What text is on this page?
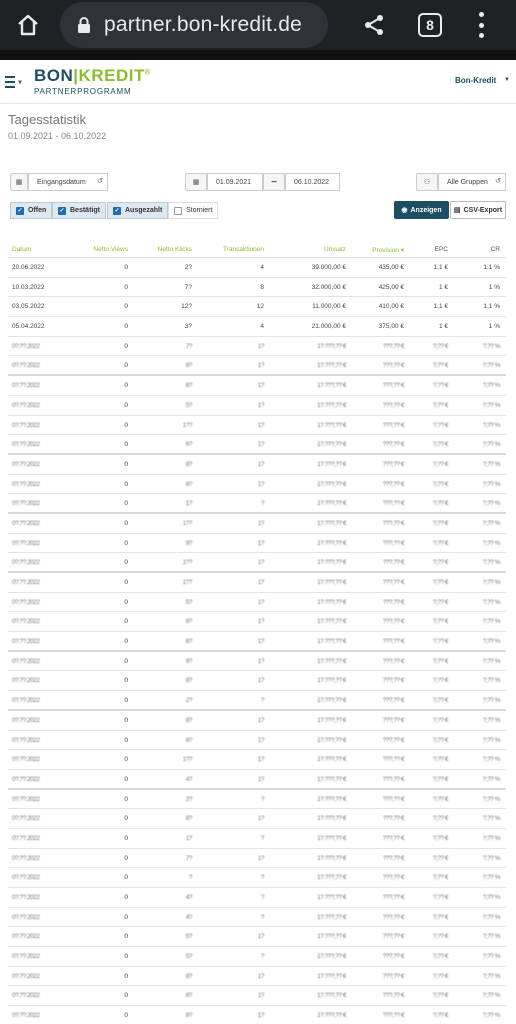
partner.bon-kredit.de	8
▼ BON|KREDIT®
PARTNERPROGRAMM
Bon-Kredit ▼
Tagesstatistik
01.09.2021 - 06.10.2022
▦	Eingangsdatum	↺	▦	01.09.2021	−	06.10.2022	⚇	Alle Gruppen	↺
✓ Offen ✓ Bestätigt ✓ Ausgezahlt	Storniert	◉ Anzeigen ▤ CSV-Export
Datum	Netto Views	Netto Klicks	Transaktionen	Umsatz	Provision ▾	EPC	CR
20.06.2022	0	2?	4	39.000,00 €	435,00 €	1,1 €	1,1 %
10.03.2022	0	7?	8	32.000,00 €	425,00 €	1 €	1 %
03.05.2022	0	12?	12	11.000,00 €	410,00 €	1,1 €	1,1 %
05.04.2022	0	3?	4	21.000,00 €	375,00 €	1 €	1 %
0?.??.2022	0	7?	1?	1?.???,?? €	???,?? €	?,?? €	?,?? %
0?.??.2022	0	8?	1?	1?.???,?? €	???,?? €	?,?? €	?,?? %
0?.??.2022	0	8?	1?	1?.???,?? €	???,?? €	?,?? €	?,?? %
0?.??.2022	0	5?	1?	1?.???,?? €	???,?? €	?,?? €	?,?? %
0?.??.2022	0	1??	1?	1?.???,?? €	???,?? €	?,?? €	?,?? %
0?.??.2022	0	6?	1?	1?.???,?? €	???,?? €	?,?? €	?,?? %
0?.??.2022	0	8?	1?	1?.???,?? €	???,?? €	?,?? €	?,?? %
0?.??.2022	0	8?	1?	1?.???,?? €	???,?? €	?,?? €	?,?? %
0?.??.2022	0	1?	?	1?.???,?? €	???,?? €	?,?? €	?,?? %
0?.??.2022	0	1??	1?	1?.???,?? €	???,?? €	?,?? €	?,?? %
0?.??.2022	0	9?	1?	1?.???,?? €	???,?? €	?,?? €	?,?? %
0?.??.2022	0	1??	1?	1?.???,?? €	???,?? €	?,?? €	?,?? %
0?.??.2022	0	1??	1?	1?.???,?? €	???,?? €	?,?? €	?,?? %
0?.??.2022	0	5?	1?	1?.???,?? €	???,?? €	?,?? €	?,?? %
0?.??.2022	0	8?	1?	1?.???,?? €	???,?? €	?,?? €	?,?? %
0?.??.2022	0	8?	1?	1?.???,?? €	???,?? €	?,?? €	?,?? %
0?.??.2022	0	9?	1?	1?.???,?? €	???,?? €	?,?? €	?,?? %
0?.??.2022	0	8?	1?	1?.???,?? €	???,?? €	?,?? €	?,?? %
0?.??.2022	0	2?	?	1?.???,?? €	???,?? €	?,?? €	?,?? %
0?.??.2022	0	8?	1?	1?.???,?? €	???,?? €	?,?? €	?,?? %
0?.??.2022	0	8?	1?	1?.???,?? €	???,?? €	?,?? €	?,?? %
0?.??.2022	0	1??	1?	1?.???,?? €	???,?? €	?,?? €	?,?? %
0?.??.2022	0	4?	1?	1?.???,?? €	???,?? €	?,?? €	?,?? %
0?.??.2022	0	2?	?	1?.???,?? €	???,?? €	?,?? €	?,?? %
0?.??.2022	0	8?	1?	1?.???,?? €	???,?? €	?,?? €	?,?? %
0?.??.2022	0	1?	?	1?.???,?? €	???,?? €	?,?? €	?,?? %
0?.??.2022	0	7?	1?	1?.???,?? €	???,?? €	?,?? €	?,?? %
0?.??.2022	0	?	?	1?.???,?? €	???,?? €	?,?? €	?,?? %
0?.??.2022	0	4?	?	1?.???,?? €	???,?? €	?,?? €	?,?? %
0?.??.2022	0	4?	?	1?.???,?? €	???,?? €	?,?? €	?,?? %
0?.??.2022	0	5?	1?	1?.???,?? €	???,?? €	?,?? €	?,?? %
0?.??.2022	0	5?	?	1?.???,?? €	???,?? €	?,?? €	?,?? %
0?.??.2022	0	8?	1?	1?.???,?? €	???,?? €	?,?? €	?,?? %
0?.??.2022	0	8?	1?	1?.???,?? €	???,?? €	?,?? €	?,?? %
0?.??.2022	0	8?	1?	1?.???,?? €	???,?? €	?,?? €	?,?? %
